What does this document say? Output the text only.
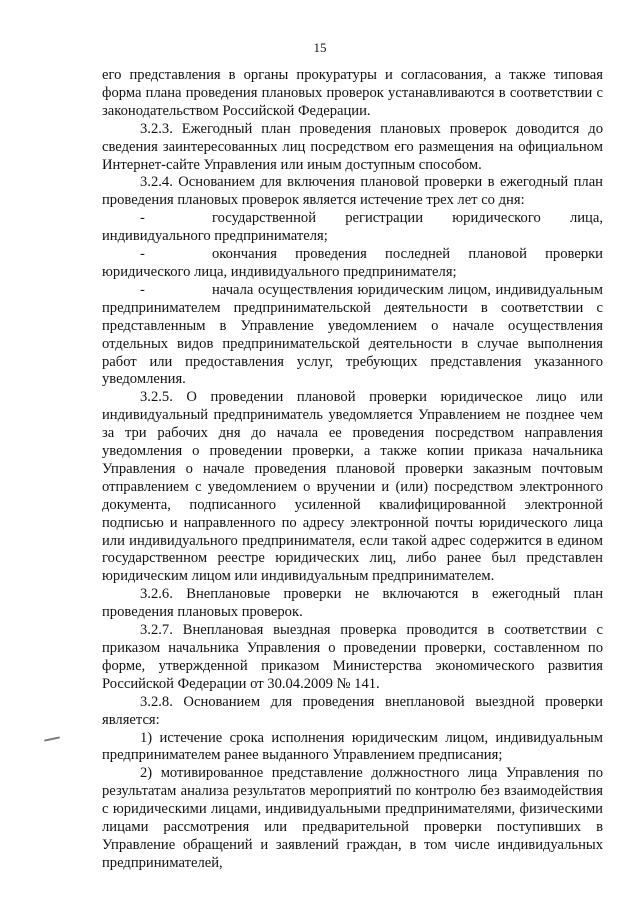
15

его представления в органы прокуратуры и согласования, а также типовая форма плана проведения плановых проверок устанавливаются в соответствии с законодательством Российской Федерации.

3.2.3. Ежегодный план проведения плановых проверок доводится до сведения заинтересованных лиц посредством его размещения на официальном Интернет-сайте Управления или иным доступным способом.

3.2.4. Основанием для включения плановой проверки в ежегодный план проведения плановых проверок является истечение трех лет со дня:

-	государственной регистрации юридического лица, индивидуального предпринимателя;

-	окончания проведения последней плановой проверки юридического лица, индивидуального предпринимателя;

-	начала осуществления юридическим лицом, индивидуальным предпринимателем предпринимательской деятельности в соответствии с представленным в Управление уведомлением о начале осуществления отдельных видов предпринимательской деятельности в случае выполнения работ или предоставления услуг, требующих представления указанного уведомления.

3.2.5. О проведении плановой проверки юридическое лицо или индивидуальный предприниматель уведомляется Управлением не позднее чем за три рабочих дня до начала ее проведения посредством направления уведомления о проведении проверки, а также копии приказа начальника Управления о начале проведения плановой проверки заказным почтовым отправлением с уведомлением о вручении и (или) посредством электронного документа, подписанного усиленной квалифицированной электронной подписью и направленного по адресу электронной почты юридического лица или индивидуального предпринимателя, если такой адрес содержится в едином государственном реестре юридических лиц, либо ранее был представлен юридическим лицом или индивидуальным предпринимателем.

3.2.6. Внеплановые проверки не включаются в ежегодный план проведения плановых проверок.

3.2.7. Внеплановая выездная проверка проводится в соответствии с приказом начальника Управления о проведении проверки, составленном по форме, утвержденной приказом Министерства экономического развития Российской Федерации от 30.04.2009 № 141.

3.2.8. Основанием для проведения внеплановой выездной проверки является:

1) истечение срока исполнения юридическим лицом, индивидуальным предпринимателем ранее выданного Управлением предписания;

2) мотивированное представление должностного лица Управления по результатам анализа результатов мероприятий по контролю без взаимодействия с юридическими лицами, индивидуальными предпринимателями, физическими лицами рассмотрения или предварительной проверки поступивших в Управление обращений и заявлений граждан, в том числе индивидуальных предпринимателей,
